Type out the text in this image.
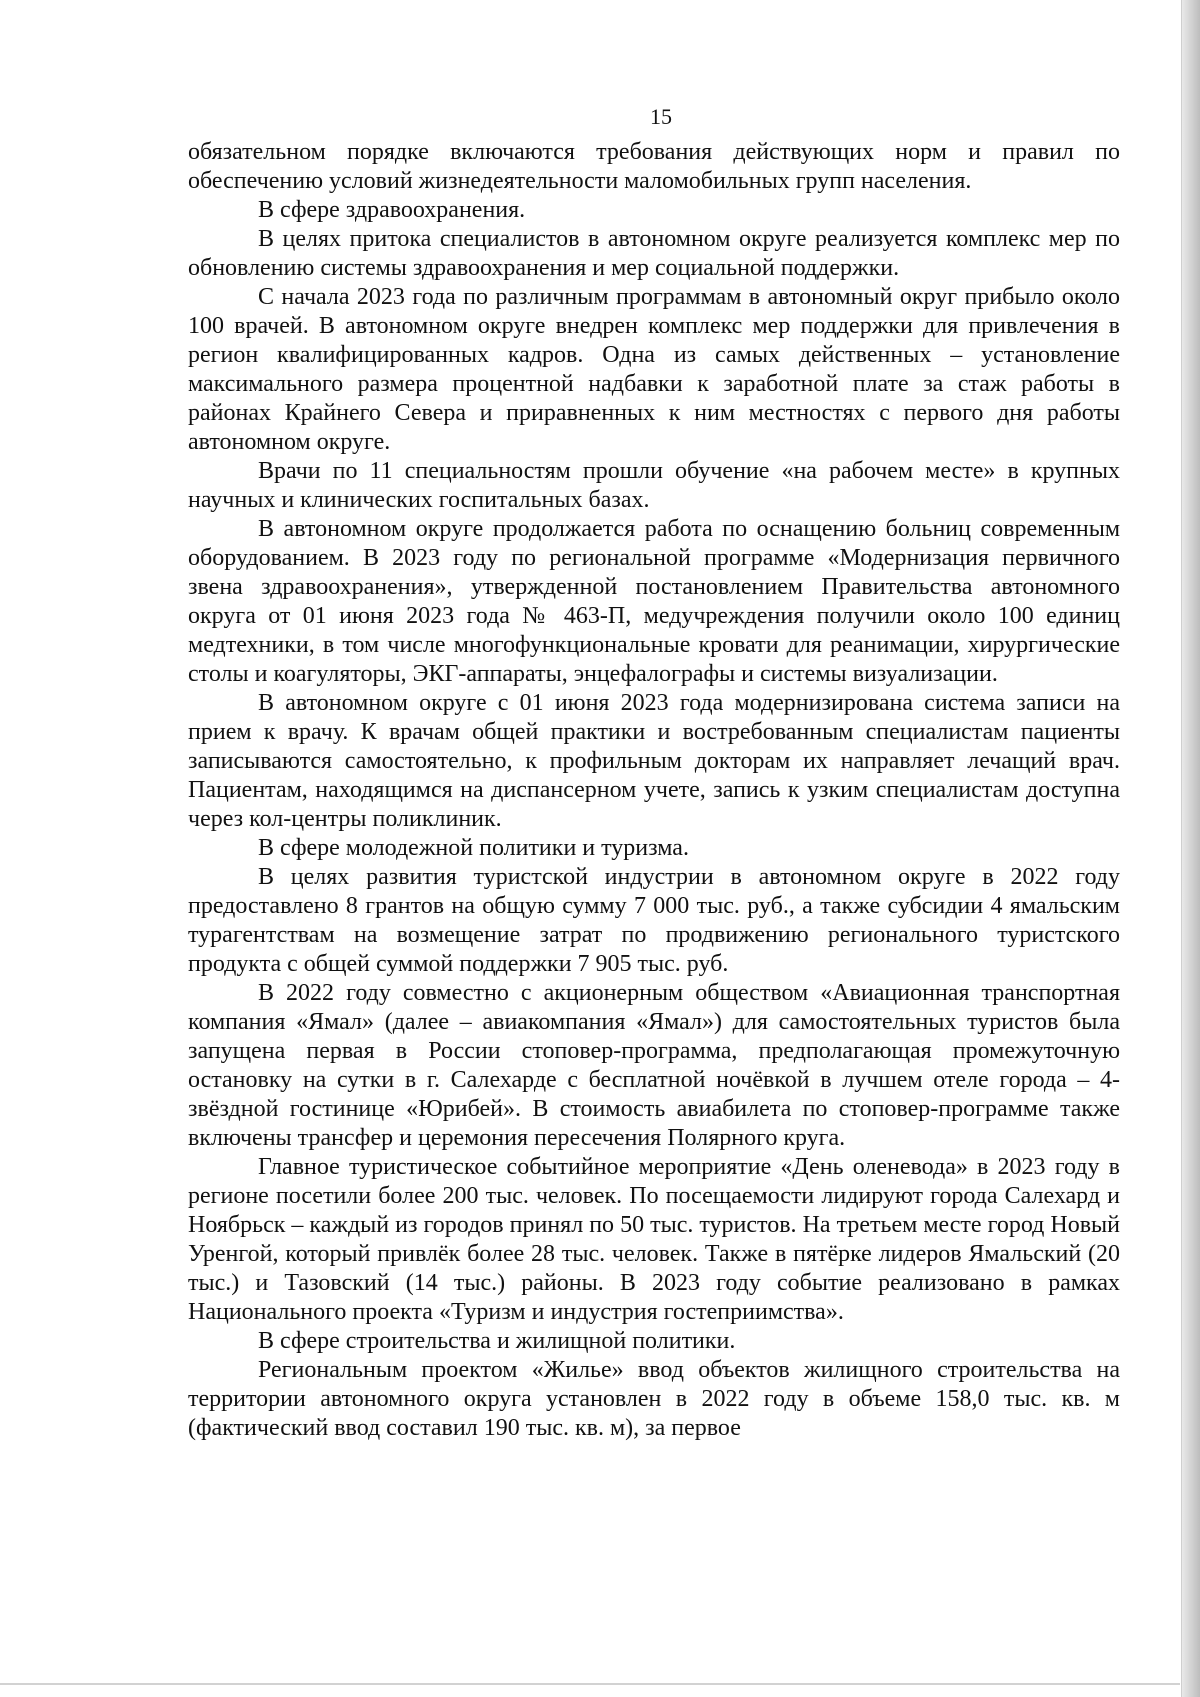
15

обязательном порядке включаются требования действующих норм и правил по обеспечению условий жизнедеятельности маломобильных групп населения.

В сфере здравоохранения.

В целях притока специалистов в автономном округе реализуется комплекс мер по обновлению системы здравоохранения и мер социальной поддержки.

С начала 2023 года по различным программам в автономный округ прибыло около 100 врачей. В автономном округе внедрен комплекс мер поддержки для привлечения в регион квалифицированных кадров. Одна из самых действенных – установление максимального размера процентной надбавки к заработной плате за стаж работы в районах Крайнего Севера и приравненных к ним местностях с первого дня работы автономном округе.

Врачи по 11 специальностям прошли обучение «на рабочем месте» в крупных научных и клинических госпитальных базах.

В автономном округе продолжается работа по оснащению больниц современным оборудованием. В 2023 году по региональной программе «Модернизация первичного звена здравоохранения», утвержденной постановлением Правительства автономного округа от 01 июня 2023 года № 463-П, медучреждения получили около 100 единиц медтехники, в том числе многофункциональные кровати для реанимации, хирургические столы и коагуляторы, ЭКГ-аппараты, энцефалографы и системы визуализации.

В автономном округе с 01 июня 2023 года модернизирована система записи на прием к врачу. К врачам общей практики и востребованным специалистам пациенты записываются самостоятельно, к профильным докторам их направляет лечащий врач. Пациентам, находящимся на диспансерном учете, запись к узким специалистам доступна через кол-центры поликлиник.

В сфере молодежной политики и туризма.

В целях развития туристской индустрии в автономном округе в 2022 году предоставлено 8 грантов на общую сумму 7 000 тыс. руб., а также субсидии 4 ямальским турагентствам на возмещение затрат по продвижению регионального туристского продукта с общей суммой поддержки 7 905 тыс. руб.

В 2022 году совместно с акционерным обществом «Авиационная транспортная компания «Ямал» (далее – авиакомпания «Ямал») для самостоятельных туристов была запущена первая в России стоповер-программа, предполагающая промежуточную остановку на сутки в г. Салехарде с бесплатной ночёвкой в лучшем отеле города – 4-звёздной гостинице «Юрибей». В стоимость авиабилета по стоповер-программе также включены трансфер и церемония пересечения Полярного круга.

Главное туристическое событийное мероприятие «День оленевода» в 2023 году в регионе посетили более 200 тыс. человек. По посещаемости лидируют города Салехард и Ноябрьск – каждый из городов принял по 50 тыс. туристов. На третьем месте город Новый Уренгой, который привлёк более 28 тыс. человек. Также в пятёрке лидеров Ямальский (20 тыс.) и Тазовский (14 тыс.) районы. В 2023 году событие реализовано в рамках Национального проекта «Туризм и индустрия гостеприимства».

В сфере строительства и жилищной политики.

Региональным проектом «Жилье» ввод объектов жилищного строительства на территории автономного округа установлен в 2022 году в объеме 158,0 тыс. кв. м (фактический ввод составил 190 тыс. кв. м), за первое
